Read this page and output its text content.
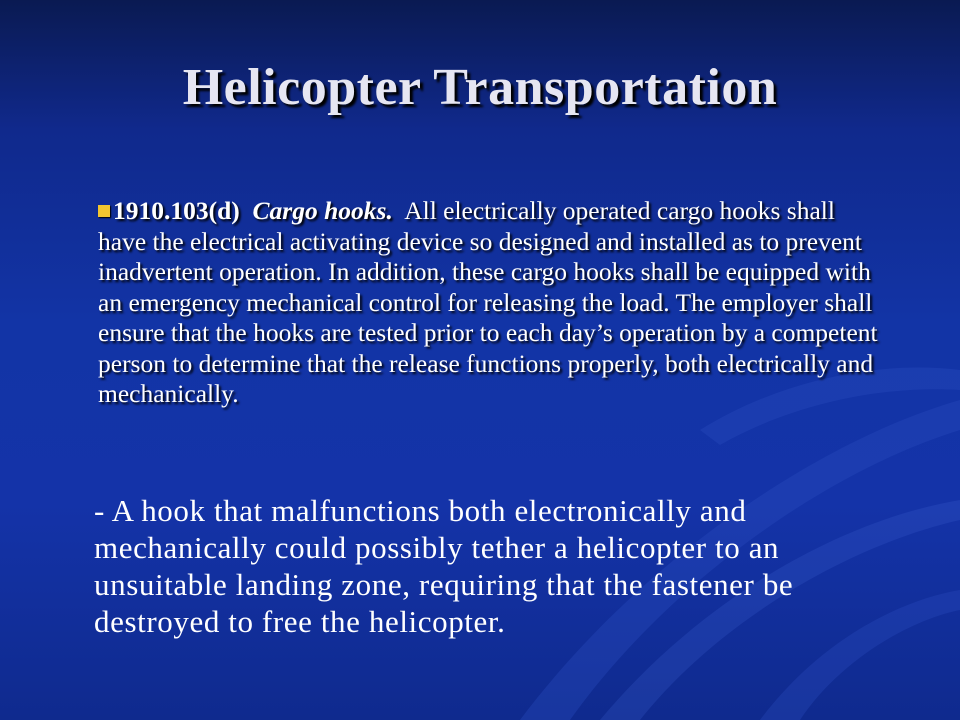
Helicopter Transportation
1910.103(d) Cargo hooks. All electrically operated cargo hooks shall have the electrical activating device so designed and installed as to prevent inadvertent operation. In addition, these cargo hooks shall be equipped with an emergency mechanical control for releasing the load. The employer shall ensure that the hooks are tested prior to each day’s operation by a competent person to determine that the release functions properly, both electrically and mechanically.
- A hook that malfunctions both electronically and mechanically could possibly tether a helicopter to an unsuitable landing zone, requiring that the fastener be destroyed to free the helicopter.
